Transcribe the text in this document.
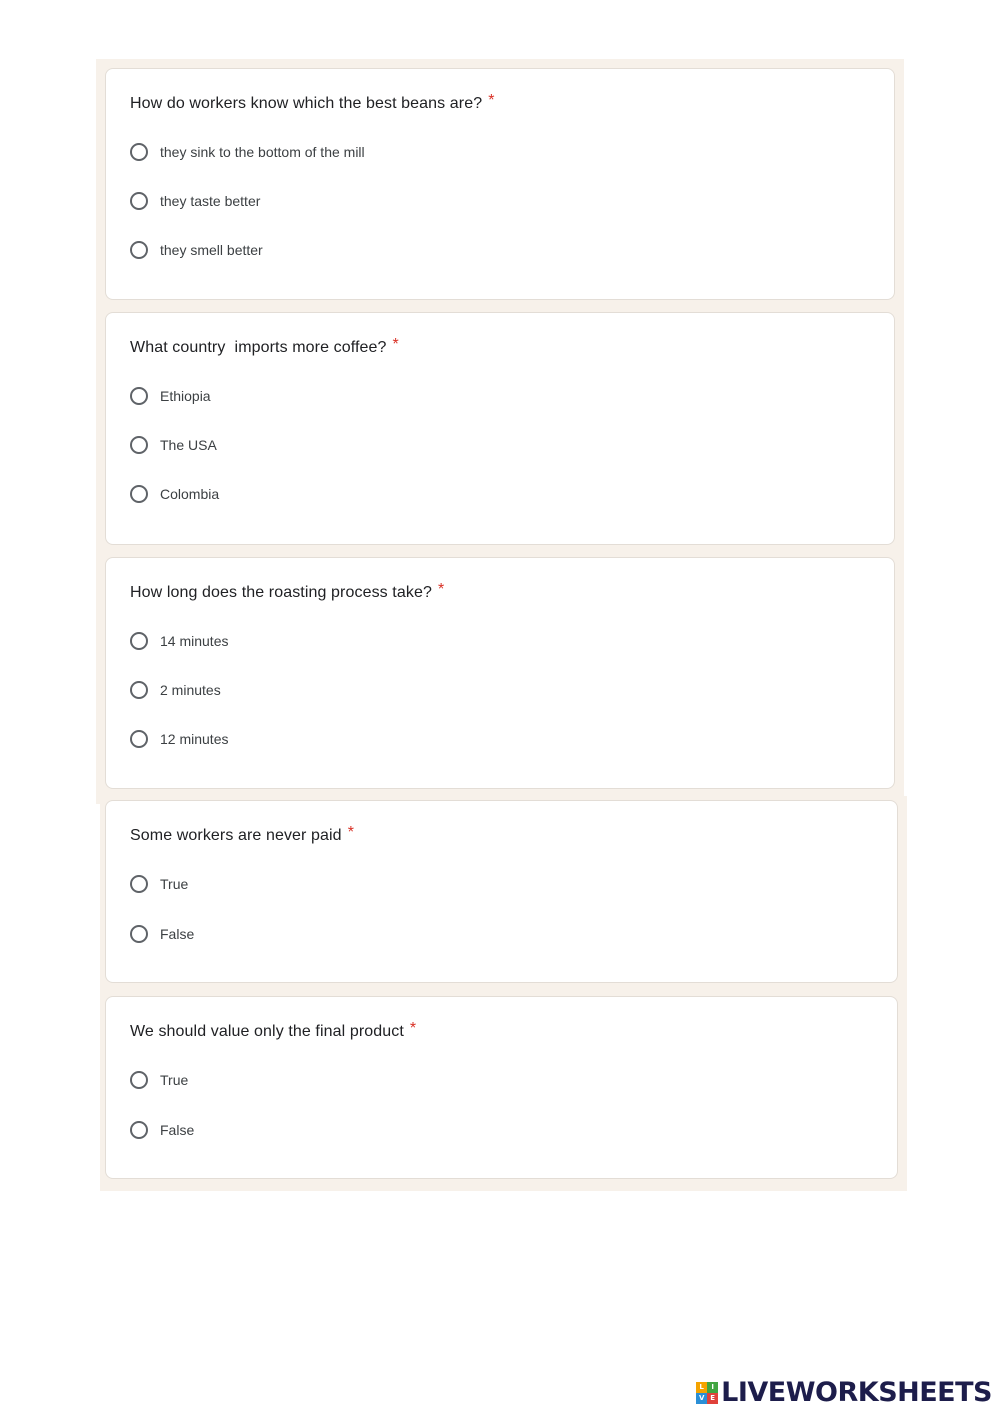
How do workers know which the best beans are? *
they sink to the bottom of the mill
they taste better
they smell better
What country  imports more coffee? *
Ethiopia
The USA
Colombia
How long does the roasting process take? *
14 minutes
2 minutes
12 minutes
Some workers are never paid *
True
False
We should value only the final product *
True
False
L	I
V E LIVEWORKSHEETS
